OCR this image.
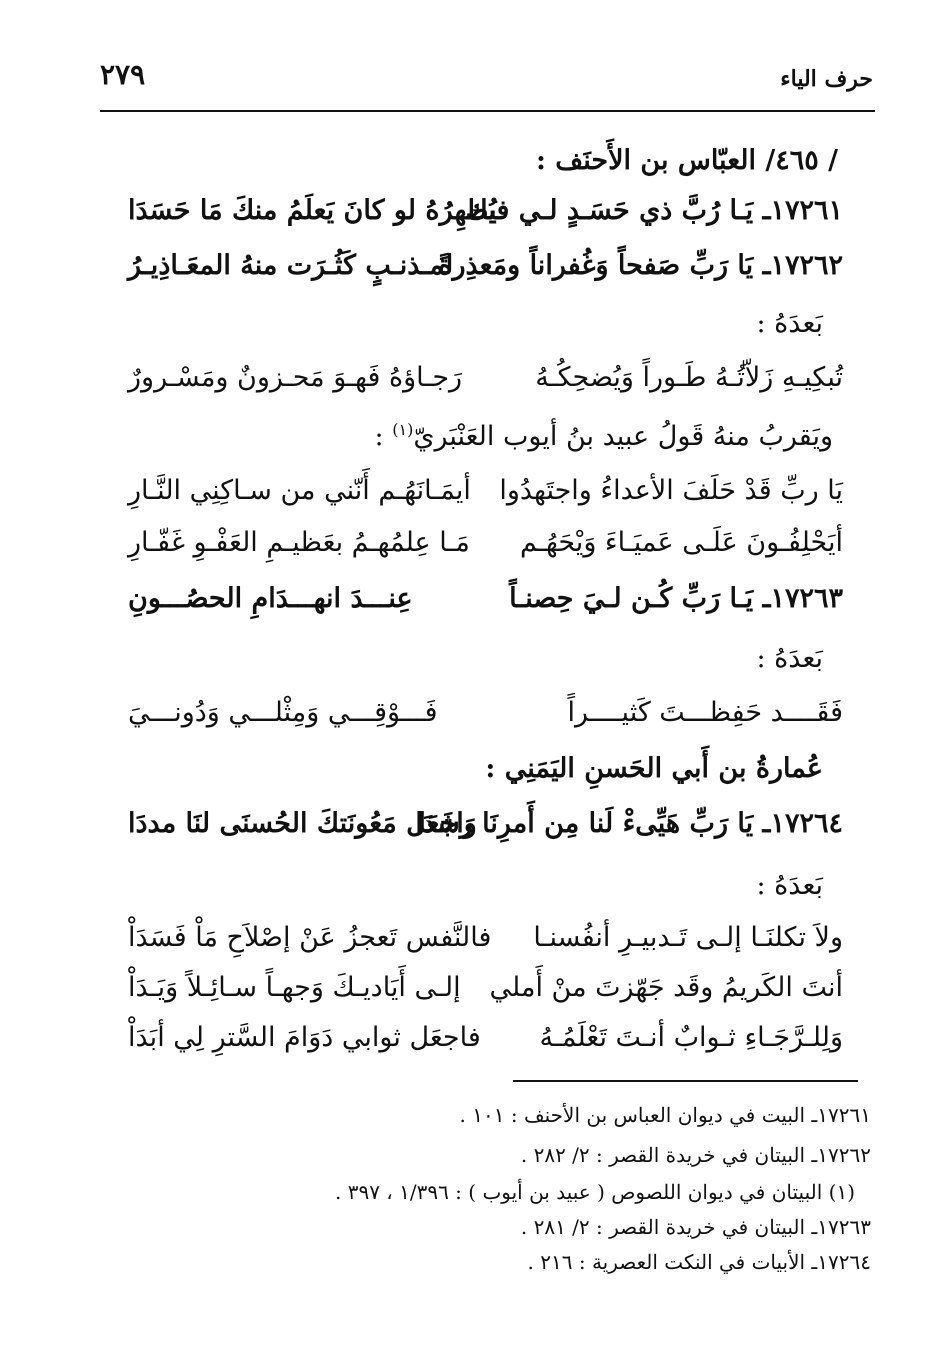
٢٧٩	حرف الياء
/ ٤٦٥/ العبّاس بن الأَحنَف :
١٧٢٦١ـ يَـا رُبَّ ذي حَسَـدٍ لـي فيك
يُظهِرُهُ لو كانَ يَعلَمُ منكَ مَا حَسَدَا
١٧٢٦٢ـ يَا رَبِّ صَفحاً وَغُفراناً ومَعذِرةً
لمـذنـبٍ كَثُـرَت منهُ المعَـاذِيـرُ
بَعدَهُ :
تُبكِيـهِ زَلاّتُـهُ طَـوراً وَيُضحِكُـهُ
رَجـاؤهُ فَهـوَ مَحـزونٌ ومَسْـرورٌ
ويَقربُ منهُ قَولُ عبيد بنُ أيوب العَنْبَريّ$^{(١)}$ :
يَا ربِّ قَدْ حَلَفَ الأعداءُ واجتَهدُوا
أيمَـانَهُـم أَنّني من سـاكِنِي النَّـارِ
أيَحْلِفُـونَ عَلَـى عَميَـاءَ وَيْحَهُـم
مَـا عِلمُهـمُ بعَظيـمِ العَفْـوِ غَفّـارِ
١٧٢٦٣ـ يَـا رَبِّ كُـن لـيَ حِصنـاً
عِنـــدَ انهـــدَامِ الحصُـــونِ
بَعدَهُ :
فَقَــــد حَفِظـــتَ كَثيــــراً
فَـــوْقِـــي وَمِثْلـــي وَدُونـــيَ
عُمارةُ بن أَبي الحَسنِ اليَمَنِي :
١٧٢٦٤ـ يَا رَبِّ هَيِّىءْ لَنا مِن أَمرِنَا رشَدَا
وَاجعَل مَعُونَتكَ الحُسنَى لنَا مددَا
بَعدَهُ :
ولاَ تكلنَـا إلـى تَـدبيـرِ أنفُسنـا
فالنَّفس تَعجزُ عَنْ إصْلاَحِ مَاْ فَسَدَاْ
أنتَ الكَريمُ وقَد جَهّزتَ منْ أَملي
إلـى أَيَاديـكَ وَجهـاً سـائِـلاً وَيَـدَاْ
وَلِلـرَّجَـاءِ ثـوابٌ أنـتَ تَعْلَمُـهُ
فاجعَل ثوابي دَوَامَ السَّترِ لِي أبَدَاْ
١٧٢٦١ـ البيت في ديوان العباس بن الأحنف : ١٠١ .
١٧٢٦٢ـ البيتان في خريدة القصر : ٢/ ٢٨٢ .
(١) البيتان في ديوان اللصوص ( عبيد بن أيوب ) : ١/٣٩٦ ، ٣٩٧ .
١٧٢٦٣ـ البيتان في خريدة القصر : ٢/ ٢٨١ .
١٧٢٦٤ـ الأبيات في النكت العصرية : ٢١٦ .
